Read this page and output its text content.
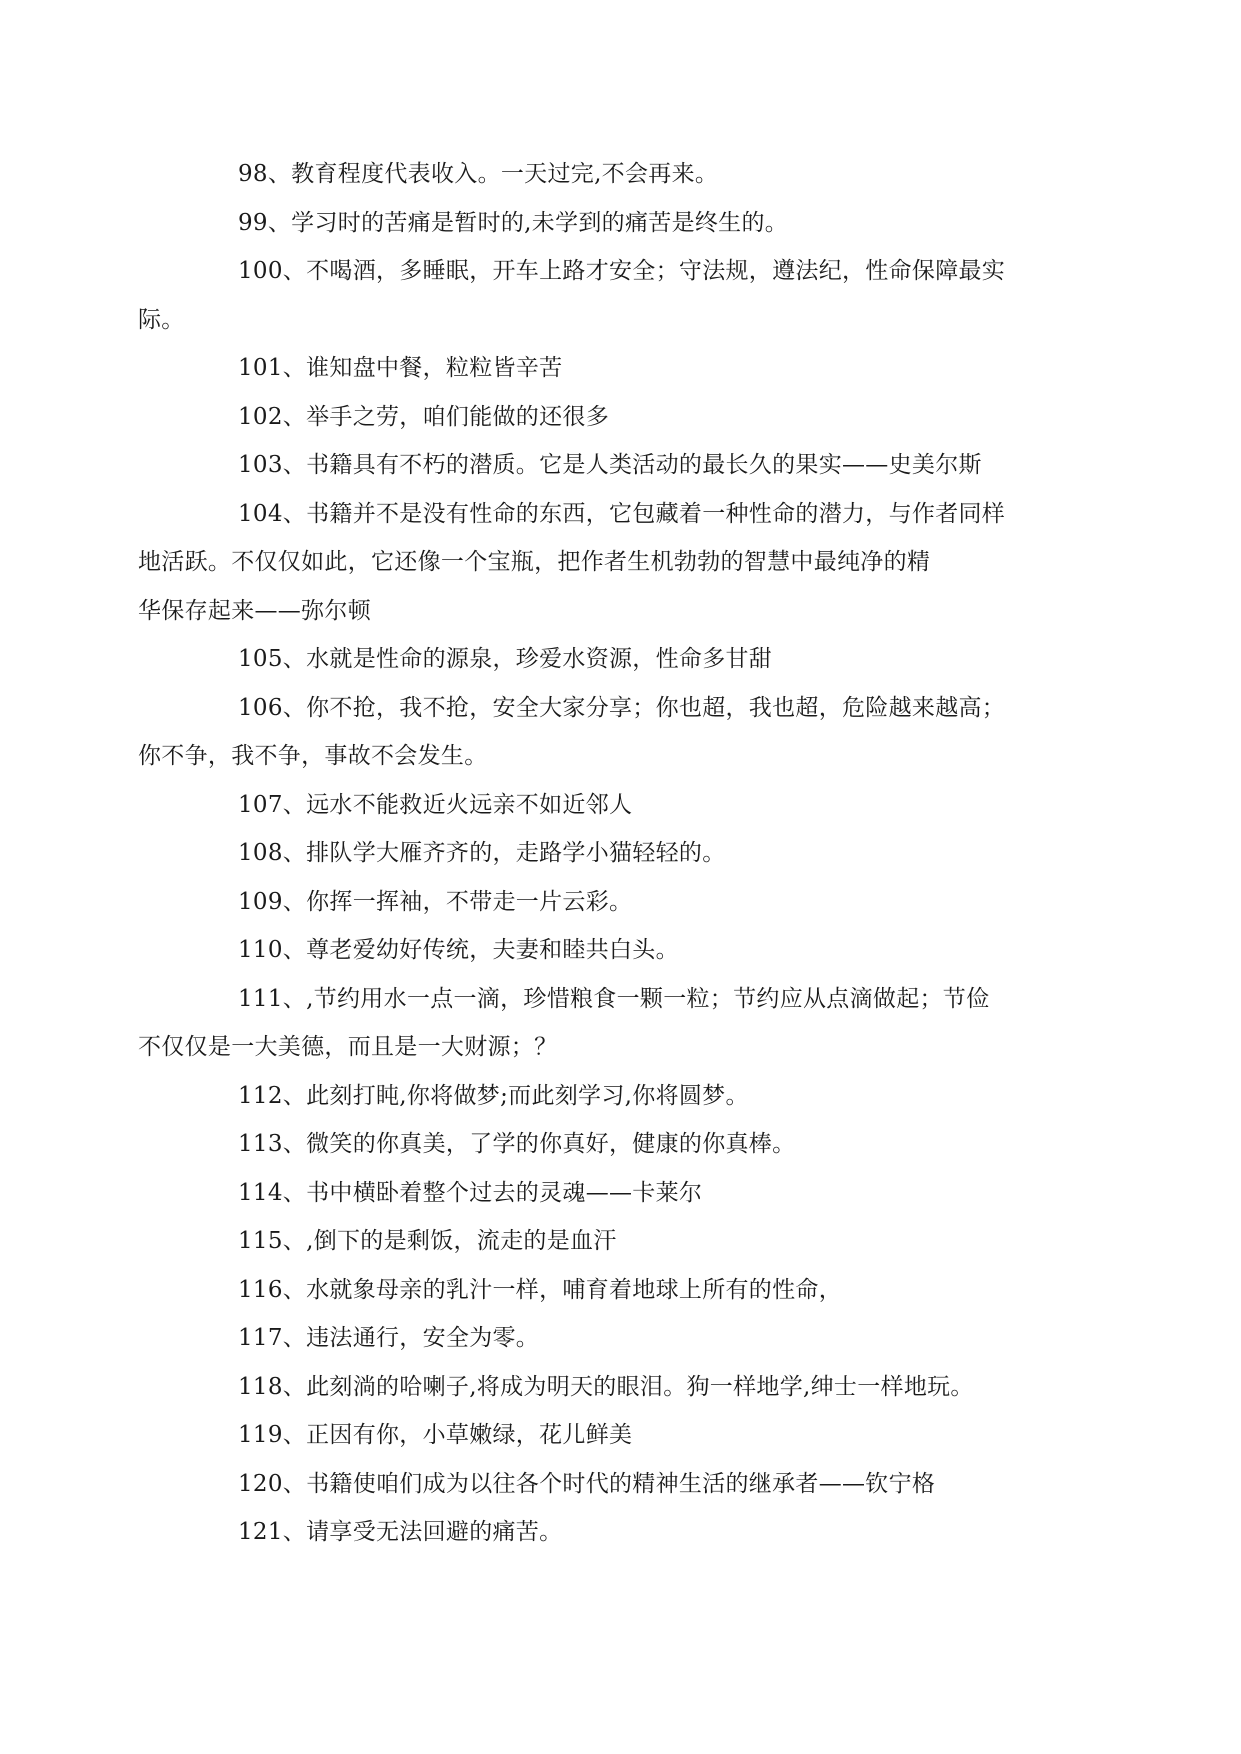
98、教育程度代表收入。一天过完,不会再来。

99、学习时的苦痛是暂时的,未学到的痛苦是终生的。

100、不喝酒，多睡眠，开车上路才安全；守法规，遵法纪，性命保障最实
际。

101、谁知盘中餐，粒粒皆辛苦

102、举手之劳，咱们能做的还很多

103、书籍具有不朽的潜质。它是人类活动的最长久的果实——史美尔斯

104、书籍并不是没有性命的东西，它包藏着一种性命的潜力，与作者同样
地活跃。不仅仅如此，它还像一个宝瓶，把作者生机勃勃的智慧中最纯净的精
华保存起来——弥尔顿

105、水就是性命的源泉，珍爱水资源，性命多甘甜

106、你不抢，我不抢，安全大家分享；你也超，我也超，危险越来越高；
你不争，我不争，事故不会发生。

107、远水不能救近火远亲不如近邻人

108、排队学大雁齐齐的，走路学小猫轻轻的。

109、你挥一挥袖，不带走一片云彩。

110、尊老爱幼好传统，夫妻和睦共白头。

111、,节约用水一点一滴，珍惜粮食一颗一粒；节约应从点滴做起；节俭
不仅仅是一大美德，而且是一大财源；？

112、此刻打盹,你将做梦;而此刻学习,你将圆梦。

113、微笑的你真美，了学的你真好，健康的你真棒。

114、书中横卧着整个过去的灵魂——卡莱尔

115、,倒下的是剩饭，流走的是血汗

116、水就象母亲的乳汁一样，哺育着地球上所有的性命，

117、违法通行，安全为零。

118、此刻淌的哈喇子,将成为明天的眼泪。狗一样地学,绅士一样地玩。

119、正因有你，小草嫩绿，花儿鲜美

120、书籍使咱们成为以往各个时代的精神生活的继承者——钦宁格

121、请享受无法回避的痛苦。
